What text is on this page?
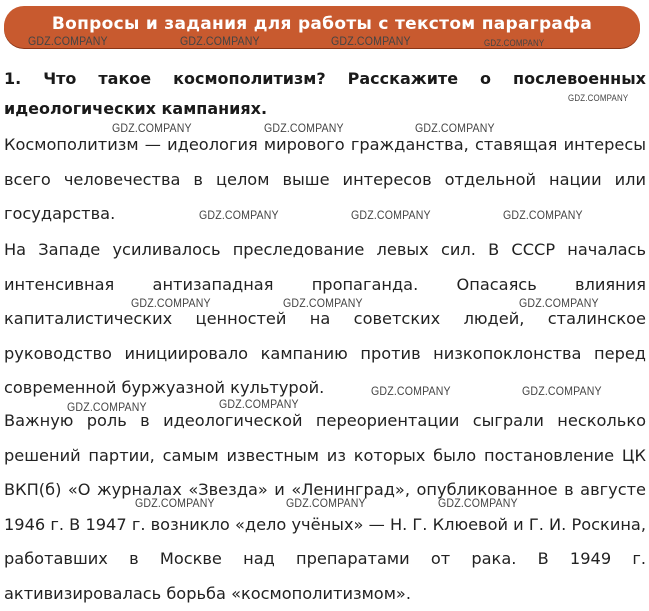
Вопросы и задания для работы с текстом параграфа
1. Что такое космополитизм? Расскажите о послевоенных идеологических кампаниях.
Космополитизм — идеология мирового гражданства, ставящая интересы всего человечества в целом выше интересов отдельной нации или государства.
На Западе усиливалось преследование левых сил. В СССР началась интенсивная антизападная пропаганда. Опасаясь влияния капиталистических ценностей на советских людей, сталинское руководство инициировало кампанию против низкопоклонства перед современной буржуазной культурой.
Важную роль в идеологической переориентации сыграли несколько решений партии, самым известным из которых было постановление ЦК ВКП(б) «О журналах «Звезда» и «Ленинград», опубликованное в августе 1946 г. В 1947 г. возникло «дело учёных» — Н. Г. Клюевой и Г. И. Роскина, работавших в Москве над препаратами от рака. В 1949 г. активизировалась борьба «космополитизмом».
GDZ.COMPANY	GDZ.COMPANY	GDZ.COMPANY	GDZ.COMPANY
GDZ.COMPANY
GDZ.COMPANY	GDZ.COMPANY	GDZ.COMPANY
GDZ.COMPANY	GDZ.COMPANY	GDZ.COMPANY
GDZ.COMPANY	GDZ.COMPANY	GDZ.COMPANY
GDZ.COMPANY	GDZ.COMPANY
GDZ.COMPANY	GDZ.COMPANY
GDZ.COMPANY	GDZ.COMPANY	GDZ.COMPANY
